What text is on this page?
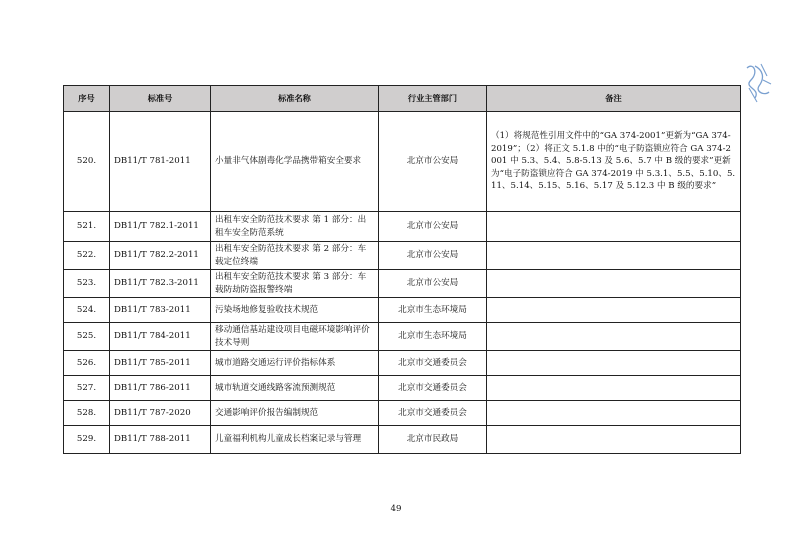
序号	标准号	标准名称	行业主管部门	备注
520.	DB11/T 781-2011	小量非气体剧毒化学品携带箱安全要求	北京市公安局	（1）将规范性引用文件中的“GA 374-2001”更新为“GA 374-2019”；（2）将正文 5.1.8 中的“电子防盗锁应符合 GA 374-2001 中 5.3、5.4、5.8-5.13 及 5.6、5.7 中 B 级的要求”更新为“电子防盗锁应符合 GA 374-2019 中 5.3.1、5.5、5.10、5.11、5.14、5.15、5.16、5.17 及 5.12.3 中 B 级的要求”
521.	DB11/T 782.1-2011	出租车安全防范技术要求 第 1 部分：出租车安全防范系统	北京市公安局	
522.	DB11/T 782.2-2011	出租车安全防范技术要求 第 2 部分：车载定位终端	北京市公安局	
523.	DB11/T 782.3-2011	出租车安全防范技术要求 第 3 部分：车载防劫防盗报警终端	北京市公安局	
524.	DB11/T 783-2011	污染场地修复验收技术规范	北京市生态环境局	
525.	DB11/T 784-2011	移动通信基站建设项目电磁环境影响评价技术导则	北京市生态环境局	
526.	DB11/T 785-2011	城市道路交通运行评价指标体系	北京市交通委员会	
527.	DB11/T 786-2011	城市轨道交通线路客流预测规范	北京市交通委员会	
528.	DB11/T 787-2020	交通影响评价报告编制规范	北京市交通委员会	
529.	DB11/T 788-2011	儿童福利机构儿童成长档案记录与管理	北京市民政局	
49
